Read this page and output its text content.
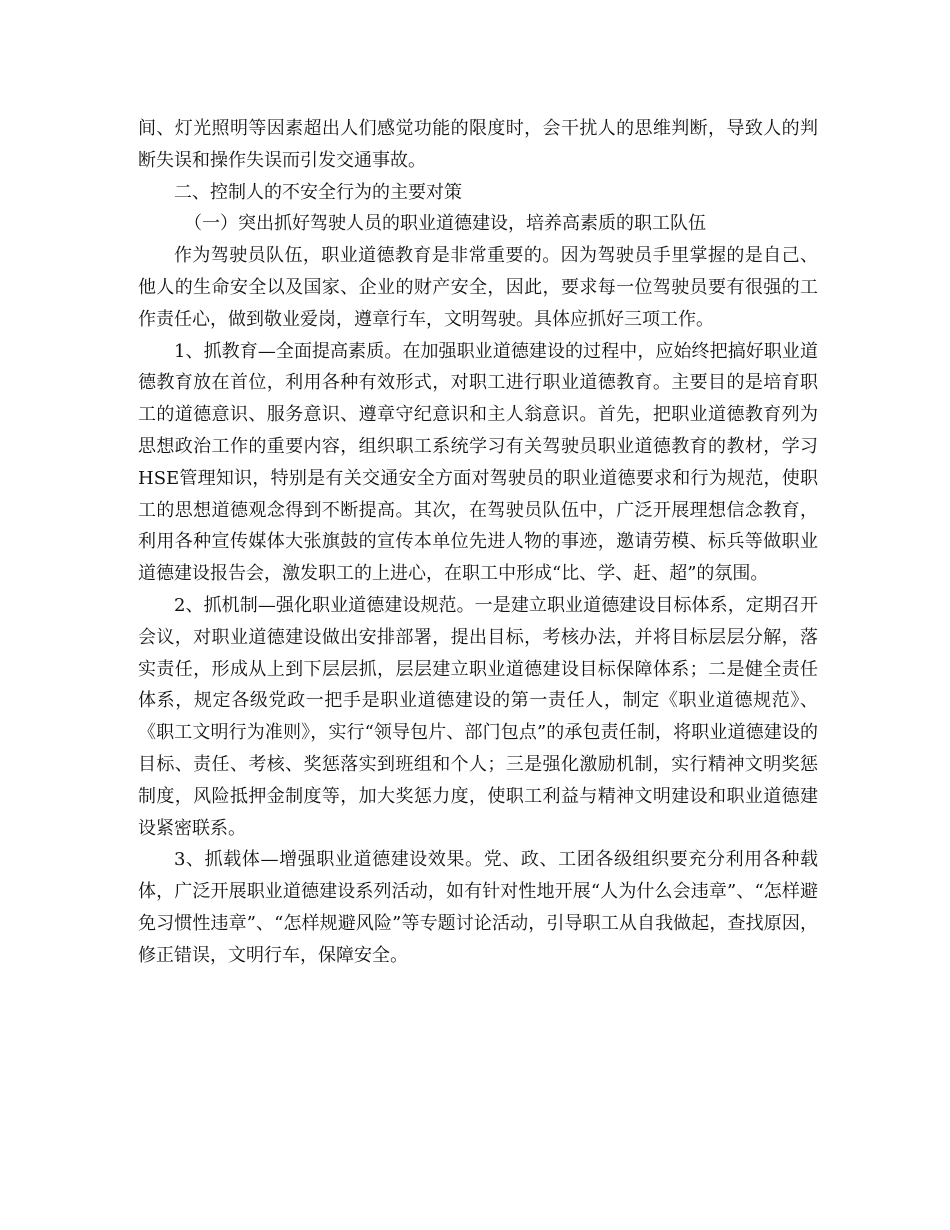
间、灯光照明等因素超出人们感觉功能的限度时，会干扰人的思维判断，导致人的判断失误和操作失误而引发交通事故。

二、控制人的不安全行为的主要对策

（一）突出抓好驾驶人员的职业道德建设，培养高素质的职工队伍

作为驾驶员队伍，职业道德教育是非常重要的。因为驾驶员手里掌握的是自己、他人的生命安全以及国家、企业的财产安全，因此，要求每一位驾驶员要有很强的工作责任心，做到敬业爱岗，遵章行车，文明驾驶。具体应抓好三项工作。

1、抓教育—全面提高素质。在加强职业道德建设的过程中，应始终把搞好职业道德教育放在首位，利用各种有效形式，对职工进行职业道德教育。主要目的是培育职工的道德意识、服务意识、遵章守纪意识和主人翁意识。首先，把职业道德教育列为思想政治工作的重要内容，组织职工系统学习有关驾驶员职业道德教育的教材，学习HSE管理知识，特别是有关交通安全方面对驾驶员的职业道德要求和行为规范，使职工的思想道德观念得到不断提高。其次，在驾驶员队伍中，广泛开展理想信念教育，利用各种宣传媒体大张旗鼓的宣传本单位先进人物的事迹，邀请劳模、标兵等做职业道德建设报告会，激发职工的上进心，在职工中形成“比、学、赶、超”的氛围。

2、抓机制—强化职业道德建设规范。一是建立职业道德建设目标体系，定期召开会议，对职业道德建设做出安排部署，提出目标，考核办法，并将目标层层分解，落实责任，形成从上到下层层抓，层层建立职业道德建设目标保障体系；二是健全责任体系，规定各级党政一把手是职业道德建设的第一责任人，制定《职业道德规范》、《职工文明行为准则》，实行“领导包片、部门包点”的承包责任制，将职业道德建设的目标、责任、考核、奖惩落实到班组和个人；三是强化激励机制，实行精神文明奖惩制度，风险抵押金制度等，加大奖惩力度，使职工利益与精神文明建设和职业道德建设紧密联系。

3、抓载体—增强职业道德建设效果。党、政、工团各级组织要充分利用各种载体，广泛开展职业道德建设系列活动，如有针对性地开展“人为什么会违章”、“怎样避免习惯性违章”、“怎样规避风险”等专题讨论活动，引导职工从自我做起，查找原因，修正错误，文明行车，保障安全。
